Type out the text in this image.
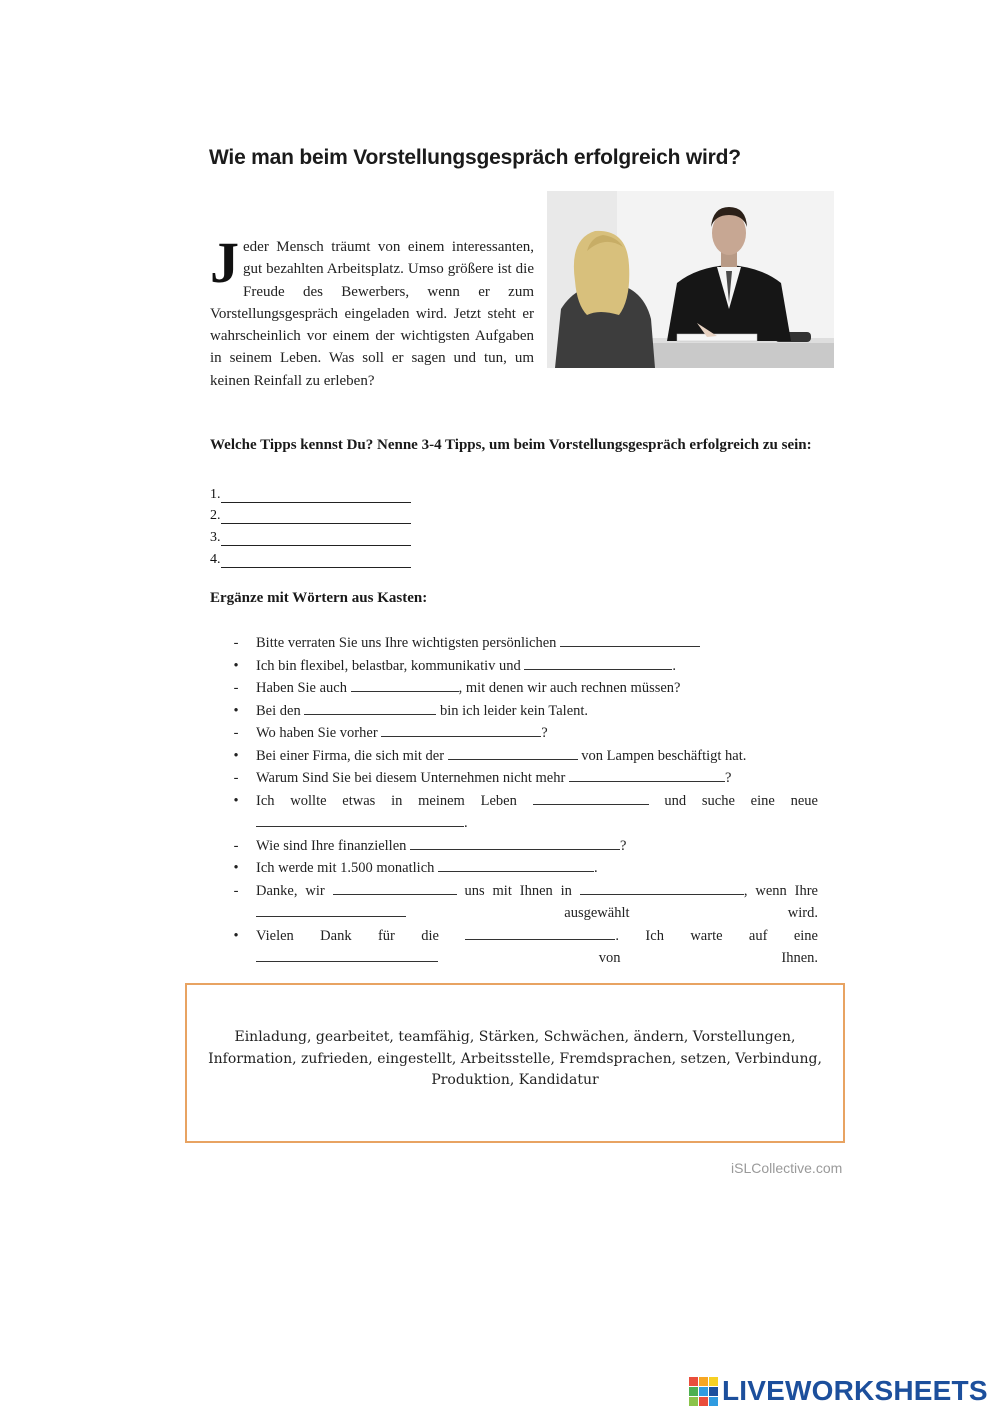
Wie man beim Vorstellungsgespräch erfolgreich wird?
Jeder Mensch träumt von einem interessanten, gut bezahlten Arbeitsplatz. Umso größere ist die Freude des Bewerbers, wenn er zum Vorstellungsgespräch eingeladen wird. Jetzt steht er wahrscheinlich vor einem der wichtigsten Aufgaben in seinem Leben. Was soll er sagen und tun, um keinen Reinfall zu erleben?
Welche Tipps kennst Du? Nenne 3-4 Tipps, um beim Vorstellungsgespräch erfolgreich zu sein:
1.
2.
3.
4.
Ergänze mit Wörtern aus Kasten:
- Bitte verraten Sie uns Ihre wichtigsten persönlichen
• Ich bin flexibel, belastbar, kommunikativ und	.
- Haben Sie auch	, mit denen wir auch rechnen müssen?
• Bei den	bin ich leider kein Talent.
- Wo haben Sie vorher	?
• Bei einer Firma, die sich mit der	von Lampen beschäftigt hat.
- Warum Sind Sie bei diesem Unternehmen nicht mehr	?
• Ich wollte etwas in meinem Leben	und suche eine neue
.
- Wie sind Ihre finanziellen	?
• Ich werde mit 1.500 monatlich	.
- Danke, wir	uns mit Ihnen in	, wenn Ihre
ausgewählt wird.
• Vielen Dank für die	. Ich warte auf eine
von Ihnen.
Einladung, gearbeitet, teamfähig, Stärken, Schwächen, ändern, Vorstellungen, Information, zufrieden, eingestellt, Arbeitsstelle, Fremdsprachen, setzen, Verbindung, Produktion, Kandidatur
iSLCollective.com
LIVEWORKSHEETS
